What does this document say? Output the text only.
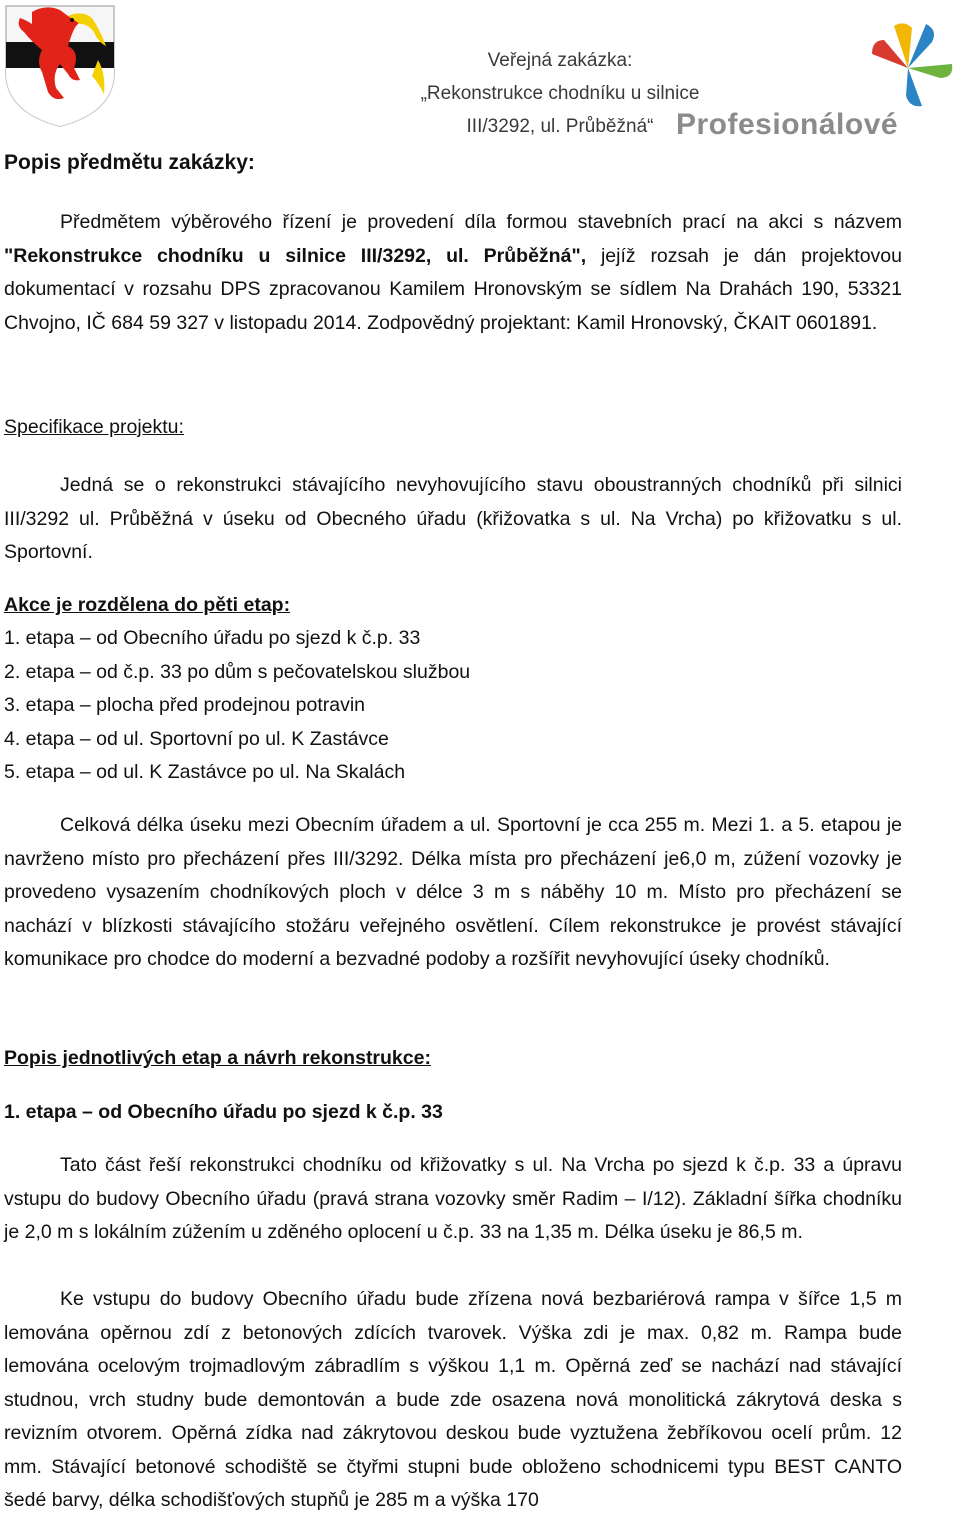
Veřejná zakázka:
„Rekonstrukce chodníku u silnice III/3292, ul. Průběžná“ Profesionálové
Popis předmětu zakázky:

Předmětem výběrového řízení je provedení díla formou stavebních prací na akci s názvem "Rekonstrukce chodníku u silnice III/3292, ul. Průběžná", jejíž rozsah je dán projektovou dokumentací v rozsahu DPS zpracovanou Kamilem Hronovským se sídlem Na Drahách 190, 53321 Chvojno, IČ 684 59 327 v listopadu 2014. Zodpovědný projektant: Kamil Hronovský, ČKAIT 0601891.

Specifikace projektu:

Jedná se o rekonstrukci stávajícího nevyhovujícího stavu oboustranných chodníků při silnici III/3292 ul. Průběžná v úseku od Obecného úřadu (křižovatka s ul. Na Vrcha) po křižovatku s ul. Sportovní.

Akce je rozdělena do pěti etap:
1. etapa – od Obecního úřadu po sjezd k č.p. 33
2. etapa – od č.p. 33 po dům s pečovatelskou službou
3. etapa – plocha před prodejnou potravin
4. etapa – od ul. Sportovní po ul. K Zastávce
5. etapa – od ul. K Zastávce po ul. Na Skalách

Celková délka úseku mezi Obecním úřadem a ul. Sportovní je cca 255 m. Mezi 1. a 5. etapou je navrženo místo pro přecházení přes III/3292. Délka místa pro přecházení je6,0 m, zúžení vozovky je provedeno vysazením chodníkových ploch v délce 3 m s náběhy 10 m. Místo pro přecházení se nachází v blízkosti stávajícího stožáru veřejného osvětlení. Cílem rekonstrukce je provést stávající komunikace pro chodce do moderní a bezvadné podoby a rozšířit nevyhovující úseky chodníků.

Popis jednotlivých etap a návrh rekonstrukce:
1. etapa – od Obecního úřadu po sjezd k č.p. 33

Tato část řeší rekonstrukci chodníku od křižovatky s ul. Na Vrcha po sjezd k č.p. 33 a úpravu vstupu do budovy Obecního úřadu (pravá strana vozovky směr Radim – I/12). Základní šířka chodníku je 2,0 m s lokálním zúžením u zděného oplocení u č.p. 33 na 1,35 m. Délka úseku je 86,5 m.

Ke vstupu do budovy Obecního úřadu bude zřízena nová bezbariérová rampa v šířce 1,5 m lemována opěrnou zdí z betonových zdících tvarovek. Výška zdi je max. 0,82 m. Rampa bude lemována ocelovým trojmadlovým zábradlím s výškou 1,1 m. Opěrná zeď se nachází nad stávající studnou, vrch studny bude demontován a bude zde osazena nová monolitická zákrytová deska s revizním otvorem. Opěrná zídka nad zákrytovou deskou bude vyztužena žebříkovou ocelí prům. 12 mm. Stávající betonové schodiště se čtyřmi stupni bude obloženo schodnicemi typu BEST CANTO šedé barvy, délka schodišťových stupňů je 285 m a výška 170
